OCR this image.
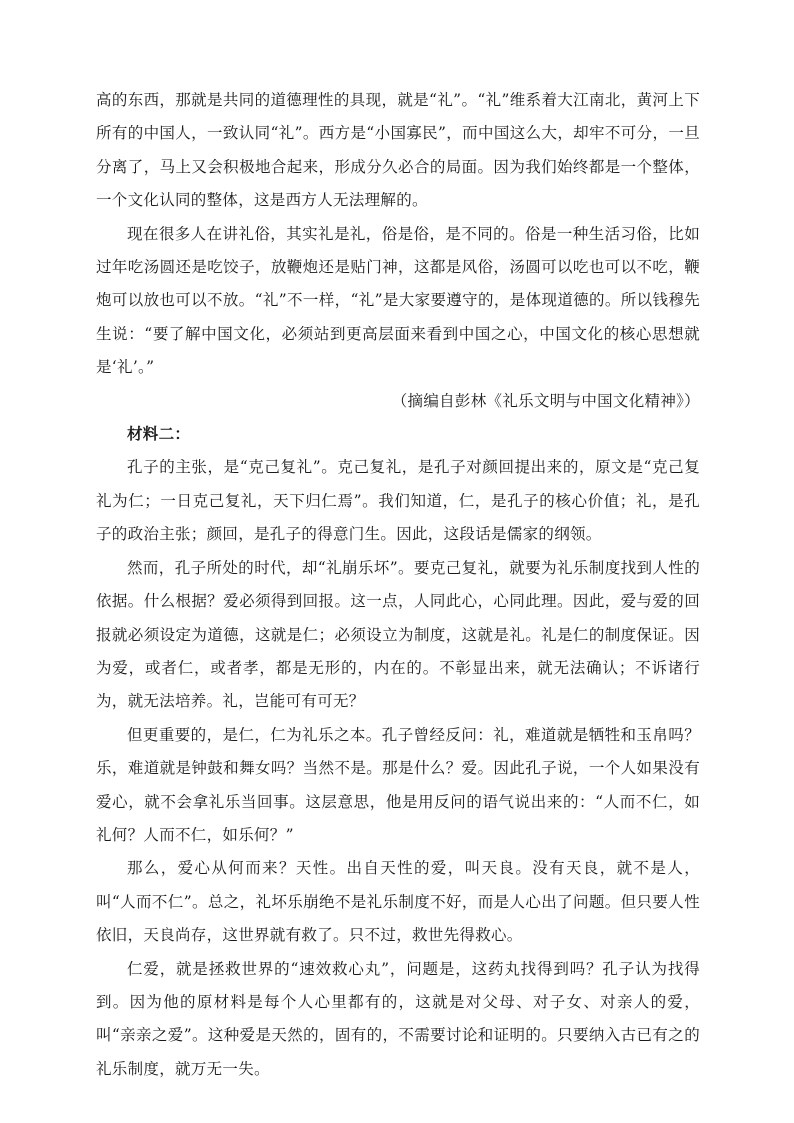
高的东西，那就是共同的道德理性的具现，就是“礼”。“礼”维系着大江南北，黄河上下所有的中国人，一致认同“礼”。西方是“小国寡民”，而中国这么大，却牢不可分，一旦分离了，马上又会积极地合起来，形成分久必合的局面。因为我们始终都是一个整体，一个文化认同的整体，这是西方人无法理解的。

现在很多人在讲礼俗，其实礼是礼，俗是俗，是不同的。俗是一种生活习俗，比如过年吃汤圆还是吃饺子，放鞭炮还是贴门神，这都是风俗，汤圆可以吃也可以不吃，鞭炮可以放也可以不放。“礼”不一样，“礼”是大家要遵守的，是体现道德的。所以钱穆先生说：“要了解中国文化，必须站到更高层面来看到中国之心，中国文化的核心思想就是‘礼’。”

（摘编自彭林《礼乐文明与中国文化精神》）

材料二：

孔子的主张，是“克己复礼”。克己复礼，是孔子对颜回提出来的，原文是“克己复礼为仁；一日克己复礼，天下归仁焉”。我们知道，仁，是孔子的核心价值；礼，是孔子的政治主张；颜回，是孔子的得意门生。因此，这段话是儒家的纲领。

然而，孔子所处的时代，却“礼崩乐坏”。要克己复礼，就要为礼乐制度找到人性的依据。什么根据？爱必须得到回报。这一点，人同此心，心同此理。因此，爱与爱的回报就必须设定为道德，这就是仁；必须设立为制度，这就是礼。礼是仁的制度保证。因为爱，或者仁，或者孝，都是无形的，内在的。不彰显出来，就无法确认；不诉诸行为，就无法培养。礼，岂能可有可无？

但更重要的，是仁，仁为礼乐之本。孔子曾经反问：礼，难道就是牺牲和玉帛吗？乐，难道就是钟鼓和舞女吗？当然不是。那是什么？爱。因此孔子说，一个人如果没有爱心，就不会拿礼乐当回事。这层意思，他是用反问的语气说出来的：“人而不仁，如礼何？人而不仁，如乐何？”

那么，爱心从何而来？天性。出自天性的爱，叫天良。没有天良，就不是人，叫“人而不仁”。总之，礼坏乐崩绝不是礼乐制度不好，而是人心出了问题。但只要人性依旧，天良尚存，这世界就有救了。只不过，救世先得救心。

仁爱，就是拯救世界的“速效救心丸”，问题是，这药丸找得到吗？孔子认为找得到。因为他的原材料是每个人心里都有的，这就是对父母、对子女、对亲人的爱，叫“亲亲之爱”。这种爱是天然的，固有的，不需要讨论和证明的。只要纳入古已有之的礼乐制度，就万无一失。
